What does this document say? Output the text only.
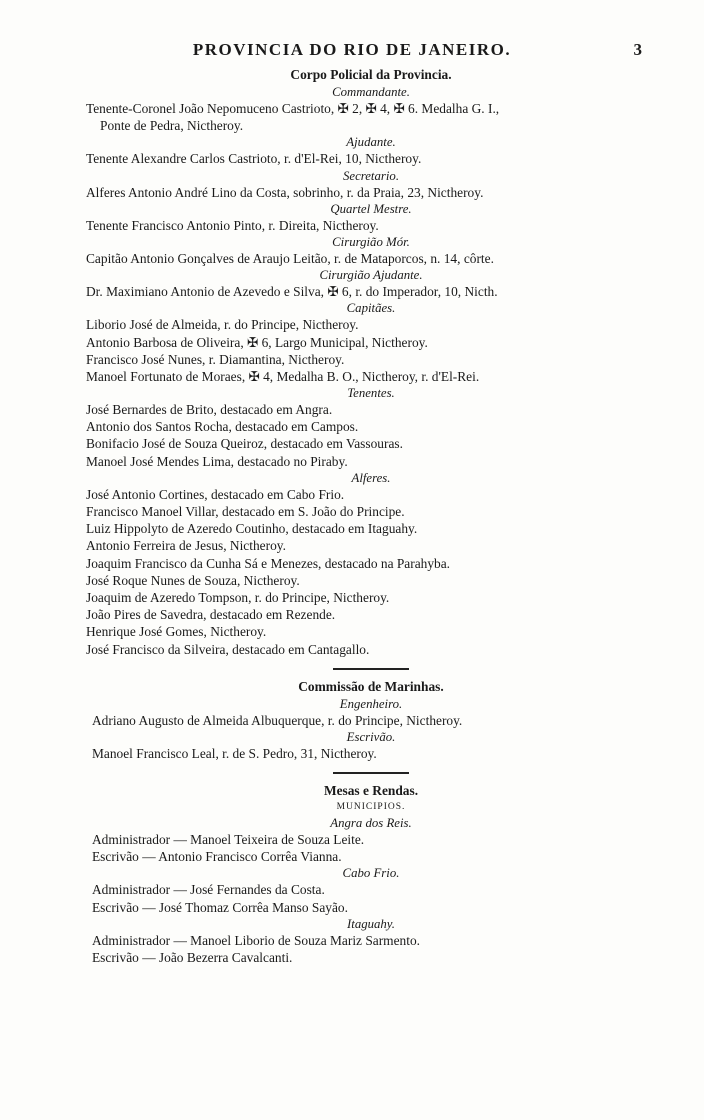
PROVINCIA DO RIO DE JANEIRO.	3
Corpo Policial da Provincia.
Commandante.
Tenente-Coronel João Nepomuceno Castrioto, ✠ 2, ✠ 4, ✠ 6. Medalha G. I.,
Ponte de Pedra, Nictheroy.
Ajudante.
Tenente Alexandre Carlos Castrioto, r. d'El-Rei, 10, Nictheroy.
Secretario.
Alferes Antonio André Lino da Costa, sobrinho, r. da Praia, 23, Nictheroy.
Quartel Mestre.
Tenente Francisco Antonio Pinto, r. Direita, Nictheroy.
Cirurgião Mór.
Capitão Antonio Gonçalves de Araujo Leitão, r. de Mataporcos, n. 14, côrte.
Cirurgião Ajudante.
Dr. Maximiano Antonio de Azevedo e Silva, ✠ 6, r. do Imperador, 10, Nicth.
Capitães.
Liborio José de Almeida, r. do Principe, Nictheroy.
Antonio Barbosa de Oliveira, ✠ 6, Largo Municipal, Nictheroy.
Francisco José Nunes, r. Diamantina, Nictheroy.
Manoel Fortunato de Moraes, ✠ 4, Medalha B. O., Nictheroy, r. d'El-Rei.
Tenentes.
José Bernardes de Brito, destacado em Angra.
Antonio dos Santos Rocha, destacado em Campos.
Bonifacio José de Souza Queiroz, destacado em Vassouras.
Manoel José Mendes Lima, destacado no Piraby.
Alferes.
José Antonio Cortines, destacado em Cabo Frio.
Francisco Manoel Villar, destacado em S. João do Principe.
Luiz Hippolyto de Azeredo Coutinho, destacado em Itaguahy.
Antonio Ferreira de Jesus, Nictheroy.
Joaquim Francisco da Cunha Sá e Menezes, destacado na Parahyba.
José Roque Nunes de Souza, Nictheroy.
Joaquim de Azeredo Tompson, r. do Principe, Nictheroy.
João Pires de Savedra, destacado em Rezende.
Henrique José Gomes, Nictheroy.
José Francisco da Silveira, destacado em Cantagallo.
Commissão de Marinhas.
Engenheiro.
Adriano Augusto de Almeida Albuquerque, r. do Principe, Nictheroy.
Escrivão.
Manoel Francisco Leal, r. de S. Pedro, 31, Nictheroy.
Mesas e Rendas.
MUNICIPIOS.
Angra dos Reis.
Administrador — Manoel Teixeira de Souza Leite.
Escrivão — Antonio Francisco Corrêa Vianna.
Cabo Frio.
Administrador — José Fernandes da Costa.
Escrivão — José Thomaz Corrêa Manso Sayão.
Itaguahy.
Administrador — Manoel Liborio de Souza Mariz Sarmento.
Escrivão — João Bezerra Cavalcanti.
